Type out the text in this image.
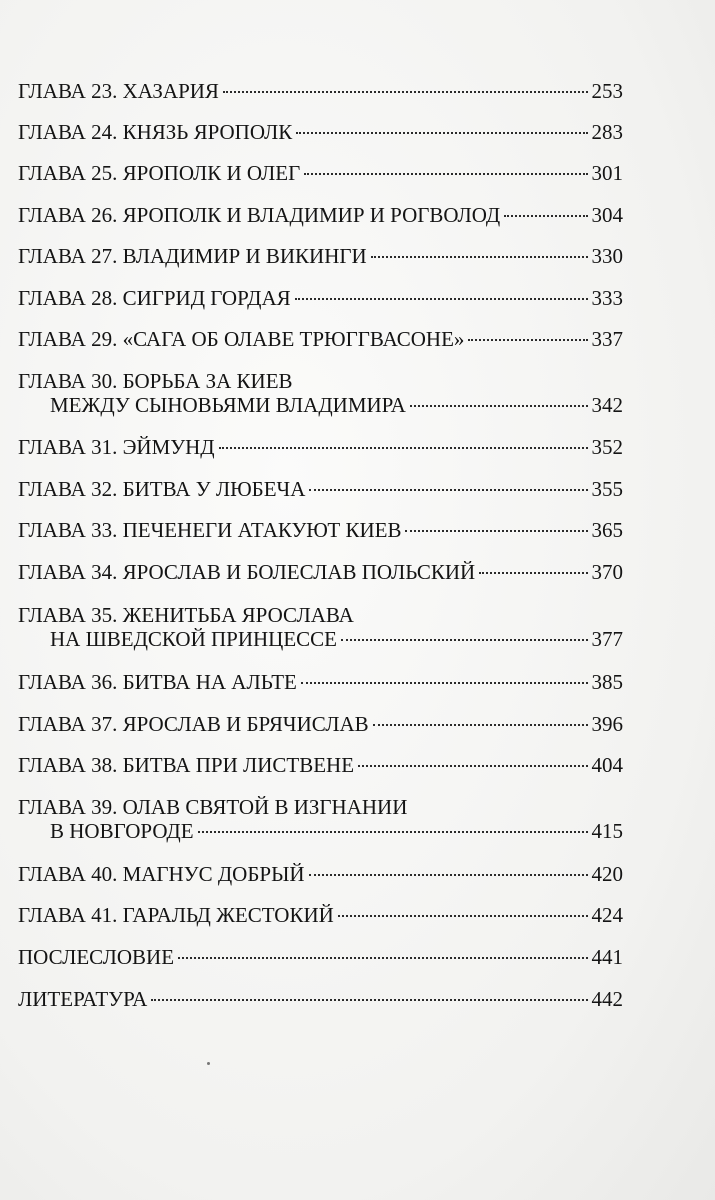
ГЛАВА 23. ХАЗАРИЯ	253
ГЛАВА 24. КНЯЗЬ ЯРОПОЛК	283
ГЛАВА 25. ЯРОПОЛК И ОЛЕГ	301
ГЛАВА 26. ЯРОПОЛК И ВЛАДИМИР И РОГВОЛОД	304
ГЛАВА 27. ВЛАДИМИР И ВИКИНГИ	330
ГЛАВА 28. СИГРИД ГОРДАЯ	333
ГЛАВА 29. «САГА ОБ ОЛАВЕ ТРЮГГВАСОНЕ»	337
ГЛАВА 30. БОРЬБА ЗА КИЕВ
МЕЖДУ СЫНОВЬЯМИ ВЛАДИМИРА	342
ГЛАВА 31. ЭЙМУНД	352
ГЛАВА 32. БИТВА У ЛЮБЕЧА	355
ГЛАВА 33. ПЕЧЕНЕГИ АТАКУЮТ КИЕВ	365
ГЛАВА 34. ЯРОСЛАВ И БОЛЕСЛАВ ПОЛЬСКИЙ	370
ГЛАВА 35. ЖЕНИТЬБА ЯРОСЛАВА
НА ШВЕДСКОЙ ПРИНЦЕССЕ	377
ГЛАВА 36. БИТВА НА АЛЬТЕ	385
ГЛАВА 37. ЯРОСЛАВ И БРЯЧИСЛАВ	396
ГЛАВА 38. БИТВА ПРИ ЛИСТВЕНЕ	404
ГЛАВА 39. ОЛАВ СВЯТОЙ В ИЗГНАНИИ
В НОВГОРОДЕ	415
ГЛАВА 40. МАГНУС ДОБРЫЙ	420
ГЛАВА 41. ГАРАЛЬД ЖЕСТОКИЙ	424
ПОСЛЕСЛОВИЕ	441
ЛИТЕРАТУРА	442
